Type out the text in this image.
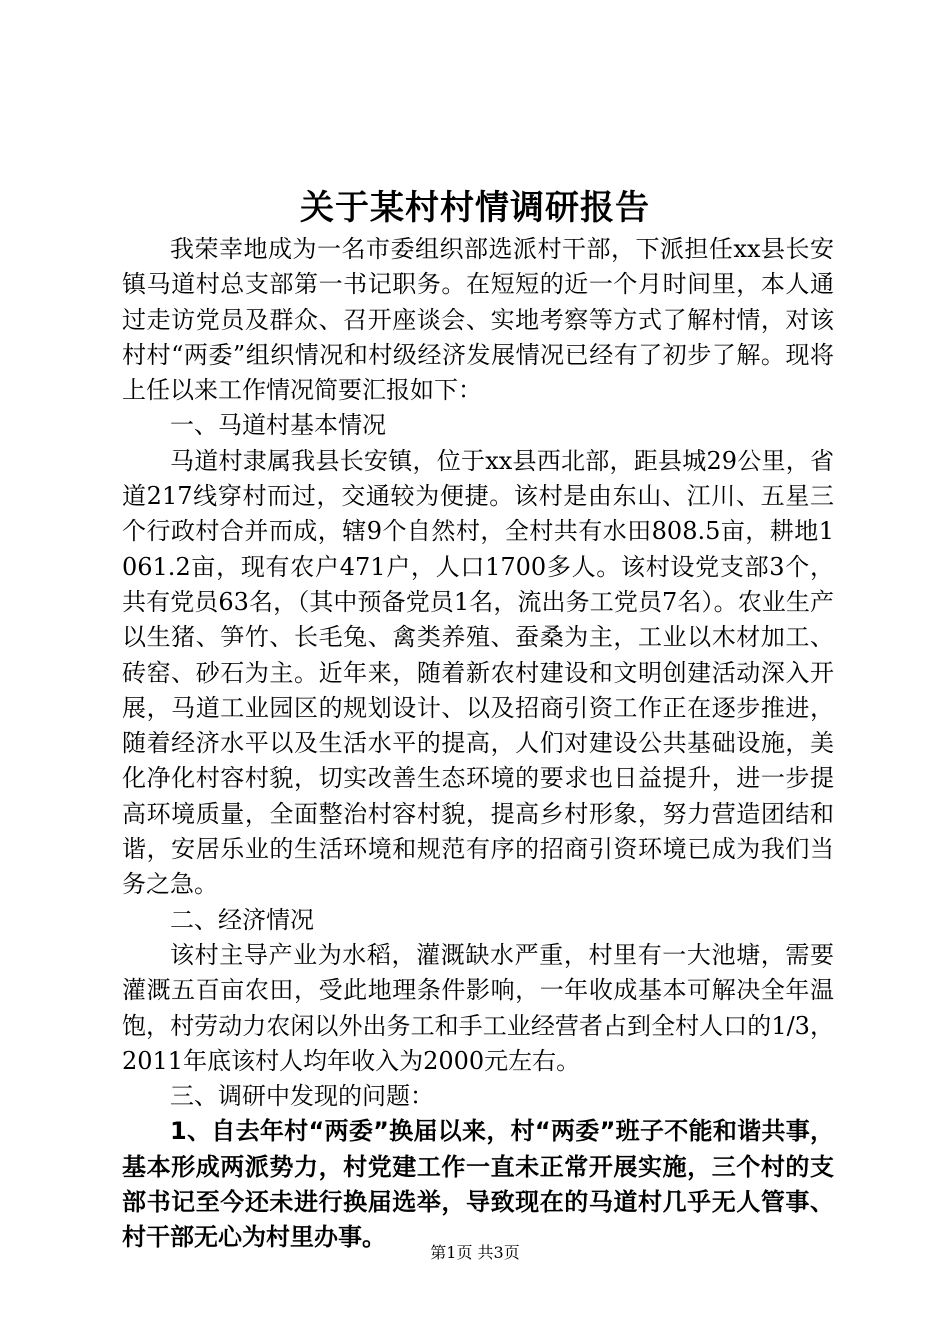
关于某村村情调研报告

我荣幸地成为一名市委组织部选派村干部，下派担任xx县长安镇马道村总支部第一书记职务。在短短的近一个月时间里，本人通过走访党员及群众、召开座谈会、实地考察等方式了解村情，对该村村“两委”组织情况和村级经济发展情况已经有了初步了解。现将上任以来工作情况简要汇报如下：

一、马道村基本情况

马道村隶属我县长安镇，位于xx县西北部，距县城29公里，省道217线穿村而过，交通较为便捷。该村是由东山、江川、五星三个行政村合并而成，辖9个自然村，全村共有水田808.5亩，耕地1061.2亩，现有农户471户，人口1700多人。该村设党支部3个，共有党员63名，（其中预备党员1名，流出务工党员7名）。农业生产以生猪、笋竹、长毛兔、禽类养殖、蚕桑为主，工业以木材加工、砖窑、砂石为主。近年来，随着新农村建设和文明创建活动深入开展，马道工业园区的规划设计、以及招商引资工作正在逐步推进，随着经济水平以及生活水平的提高，人们对建设公共基础设施，美化净化村容村貌，切实改善生态环境的要求也日益提升，进一步提高环境质量，全面整治村容村貌，提高乡村形象，努力营造团结和谐，安居乐业的生活环境和规范有序的招商引资环境已成为我们当务之急。

二、经济情况

该村主导产业为水稻，灌溉缺水严重，村里有一大池塘，需要灌溉五百亩农田，受此地理条件影响，一年收成基本可解决全年温饱，村劳动力农闲以外出务工和手工业经营者占到全村人口的1/3，2011年底该村人均年收入为2000元左右。

三、调研中发现的问题：

1、自去年村“两委”换届以来，村“两委”班子不能和谐共事，基本形成两派势力，村党建工作一直未正常开展实施，三个村的支部书记至今还未进行换届选举，导致现在的马道村几乎无人管事、村干部无心为村里办事。

第1页 共3页
